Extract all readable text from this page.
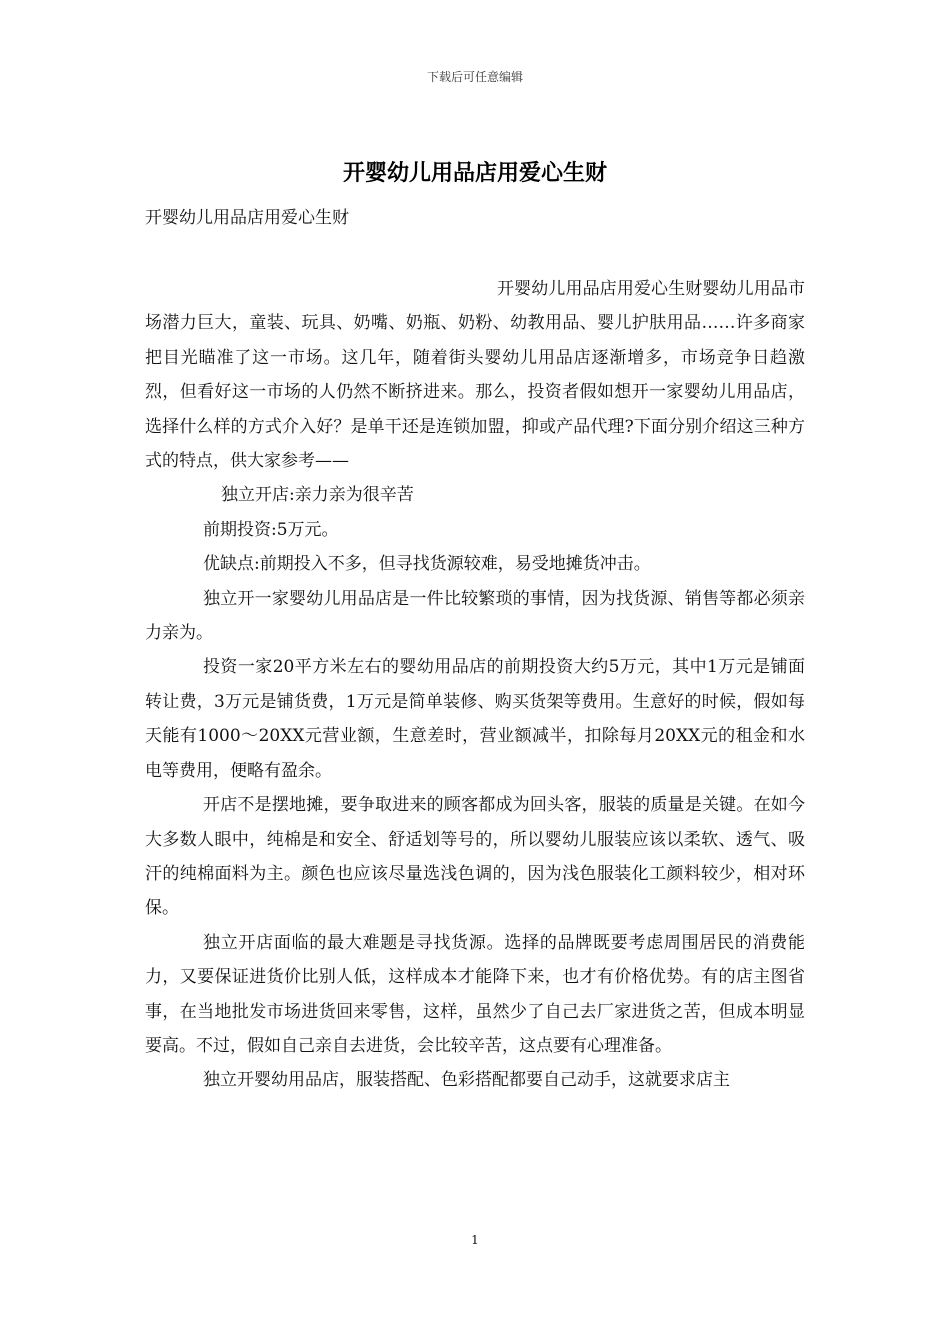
下载后可任意编辑
开婴幼儿用品店用爱心生财
开婴幼儿用品店用爱心生财

开婴幼儿用品店用爱心生财婴幼儿用品市场潜力巨大，童装、玩具、奶嘴、奶瓶、奶粉、幼教用品、婴儿护肤用品……许多商家把目光瞄准了这一市场。这几年，随着街头婴幼儿用品店逐渐增多，市场竞争日趋激烈，但看好这一市场的人仍然不断挤进来。那么，投资者假如想开一家婴幼儿用品店，选择什么样的方式介入好？是单干还是连锁加盟，抑或产品代理?下面分别介绍这三种方式的特点，供大家参考——

独立开店:亲力亲为很辛苦

前期投资:5万元。

优缺点:前期投入不多，但寻找货源较难，易受地摊货冲击。

独立开一家婴幼儿用品店是一件比较繁琐的事情，因为找货源、销售等都必须亲力亲为。

投资一家20平方米左右的婴幼用品店的前期投资大约5万元，其中1万元是铺面转让费，3万元是铺货费，1万元是简单装修、购买货架等费用。生意好的时候，假如每天能有1000～20XX元营业额，生意差时，营业额减半，扣除每月20XX元的租金和水电等费用，便略有盈余。

开店不是摆地摊，要争取进来的顾客都成为回头客，服装的质量是关键。在如今大多数人眼中，纯棉是和安全、舒适划等号的，所以婴幼儿服装应该以柔软、透气、吸汗的纯棉面料为主。颜色也应该尽量选浅色调的，因为浅色服装化工颜料较少，相对环保。

独立开店面临的最大难题是寻找货源。选择的品牌既要考虑周围居民的消费能力，又要保证进货价比别人低，这样成本才能降下来，也才有价格优势。有的店主图省事，在当地批发市场进货回来零售，这样，虽然少了自己去厂家进货之苦，但成本明显要高。不过，假如自己亲自去进货，会比较辛苦，这点要有心理准备。

独立开婴幼用品店，服装搭配、色彩搭配都要自己动手，这就要求店主

1
